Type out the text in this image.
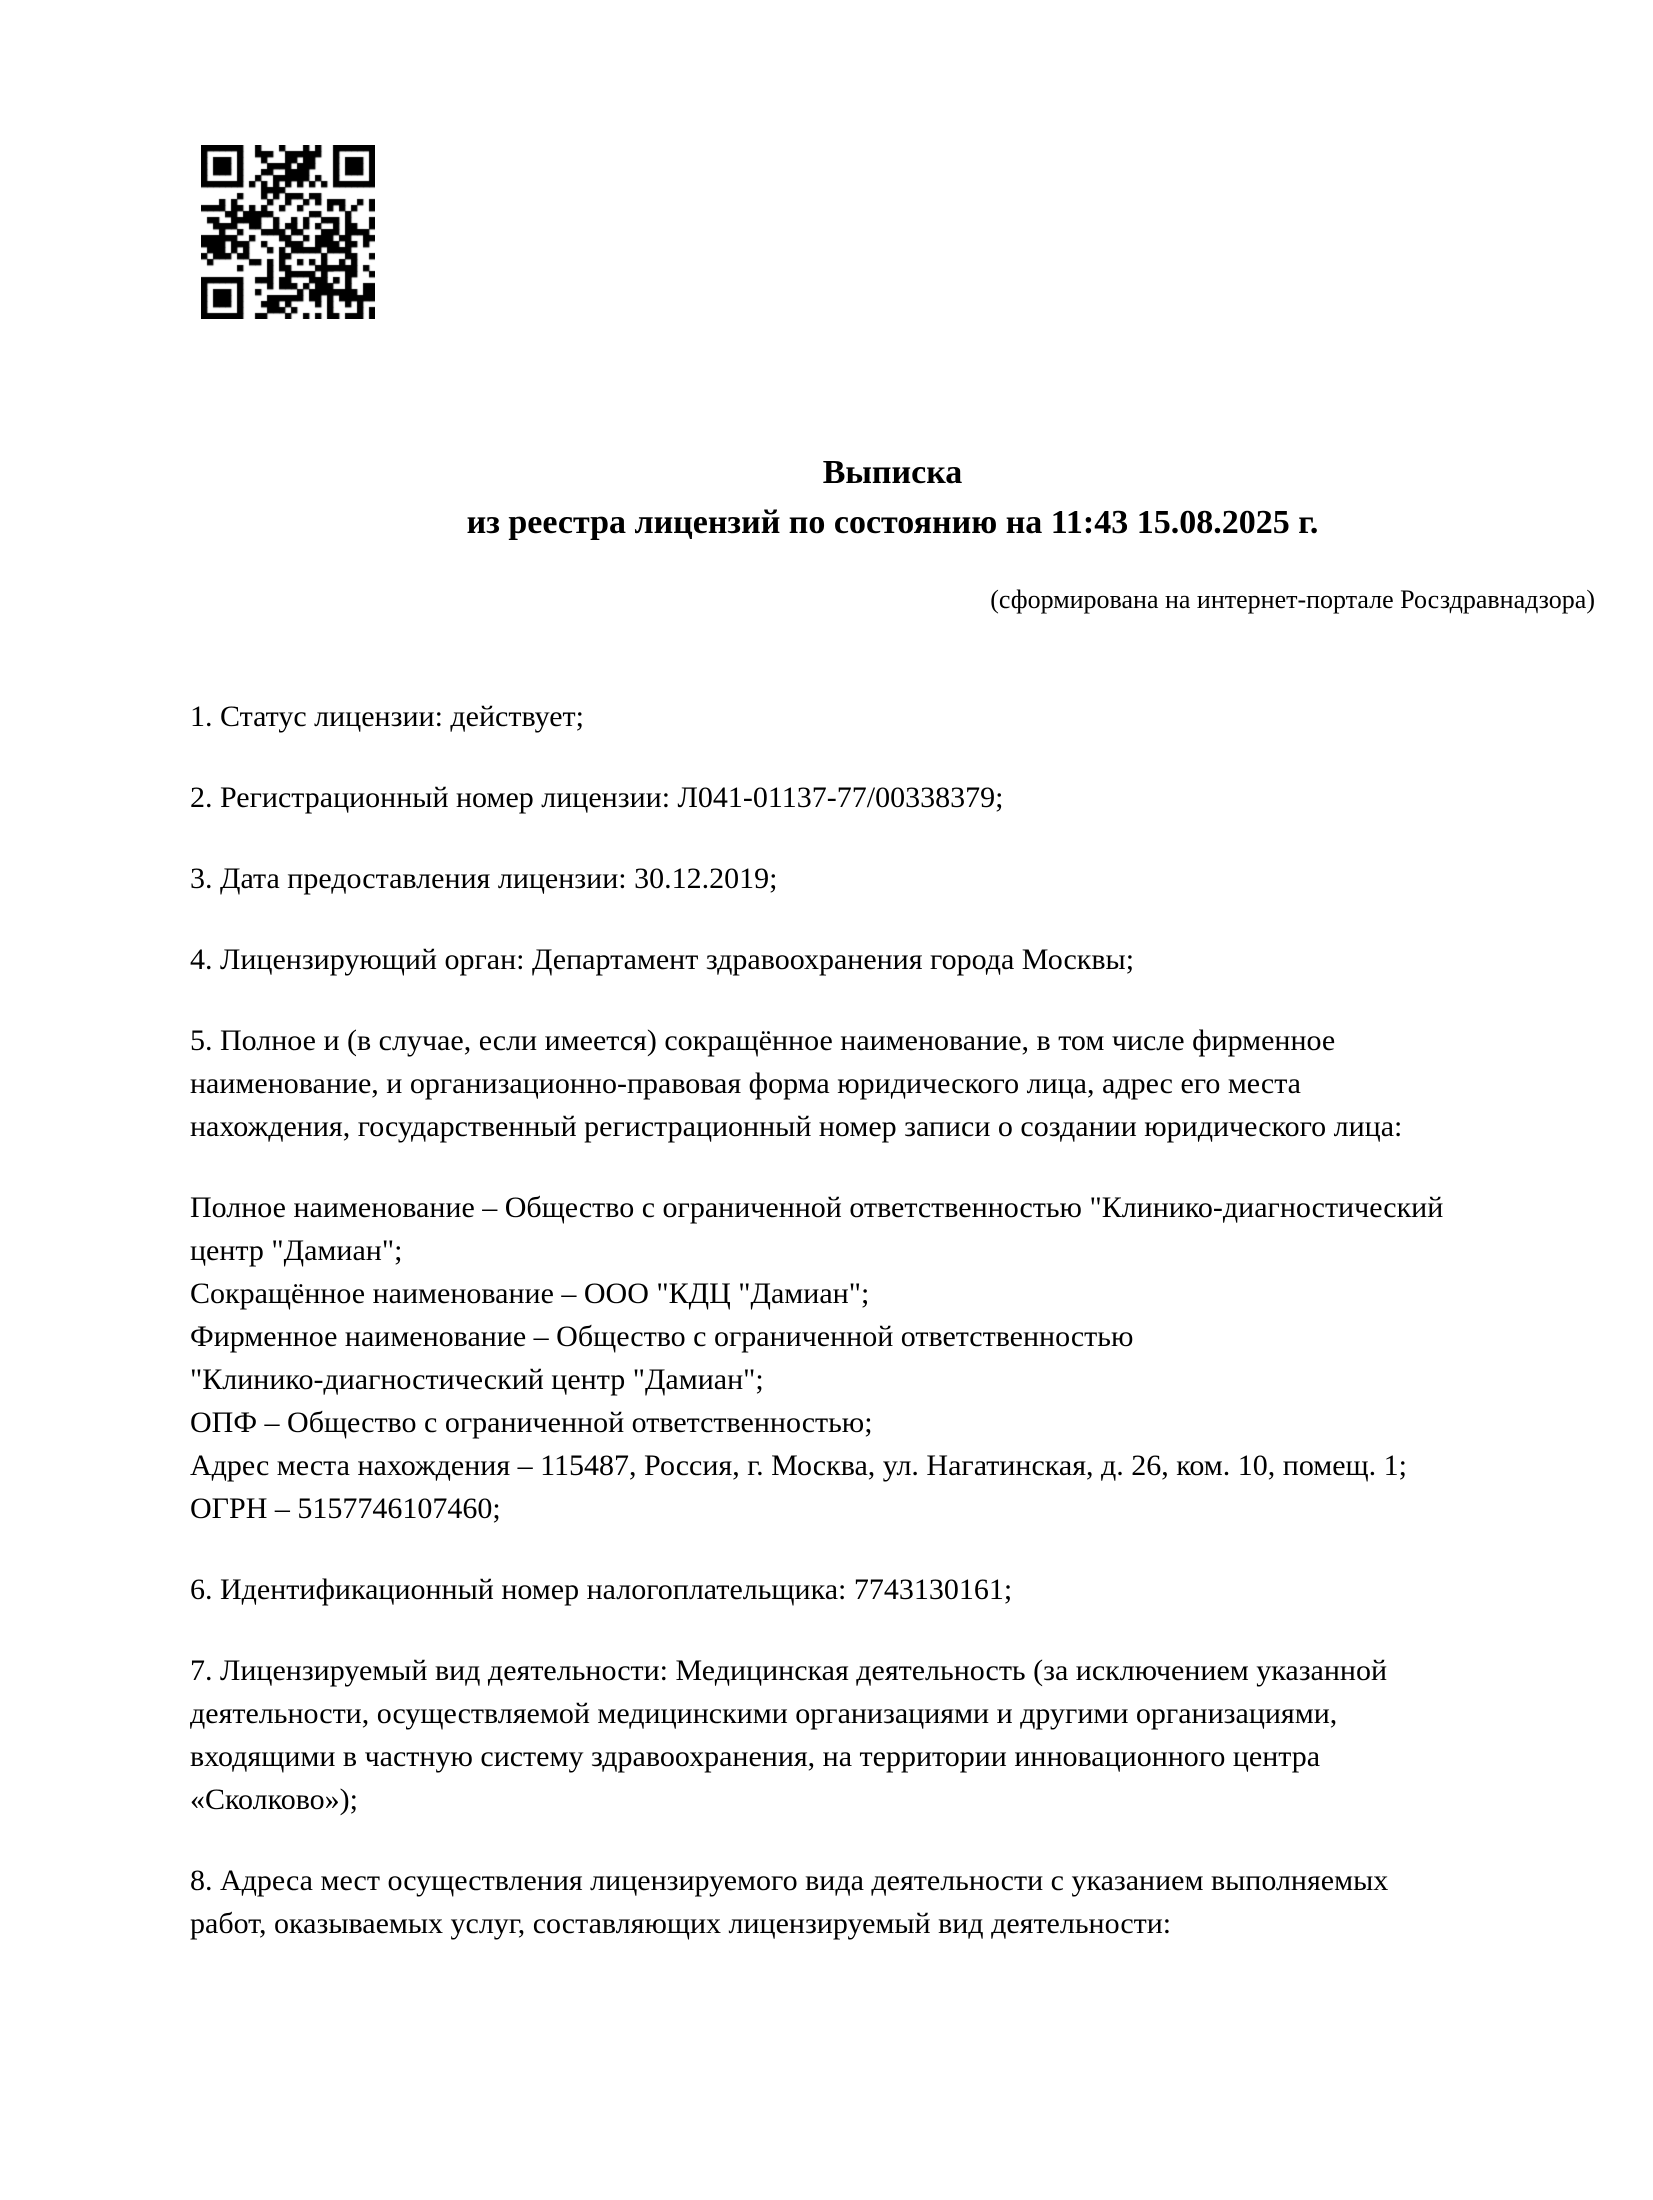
Выписка
из реестра лицензий по состоянию на 11:43 15.08.2025 г.
(сформирована на интернет-портале Росздравнадзора)
1. Статус лицензии: действует;
2. Регистрационный номер лицензии: Л041-01137-77/00338379;
3. Дата предоставления лицензии: 30.12.2019;
4. Лицензирующий орган: Департамент здравоохранения города Москвы;
5. Полное и (в случае, если имеется) сокращённое наименование, в том числе фирменное
наименование, и организационно-правовая форма юридического лица, адрес его места
нахождения, государственный регистрационный номер записи о создании юридического лица:
Полное наименование – Общество с ограниченной ответственностью "Клинико-диагностический
центр "Дамиан";
Сокращённое наименование – ООО "КДЦ "Дамиан";
Фирменное наименование – Общество с ограниченной ответственностью
"Клинико-диагностический центр "Дамиан";
ОПФ – Общество с ограниченной ответственностью;
Адрес места нахождения – 115487, Россия, г. Москва, ул. Нагатинская, д. 26, ком. 10, помещ. 1;
ОГРН – 5157746107460;
6. Идентификационный номер налогоплательщика: 7743130161;
7. Лицензируемый вид деятельности: Медицинская деятельность (за исключением указанной
деятельности, осуществляемой медицинскими организациями и другими организациями,
входящими в частную систему здравоохранения, на территории инновационного центра
«Сколково»);
8. Адреса мест осуществления лицензируемого вида деятельности с указанием выполняемых
работ, оказываемых услуг, составляющих лицензируемый вид деятельности:
